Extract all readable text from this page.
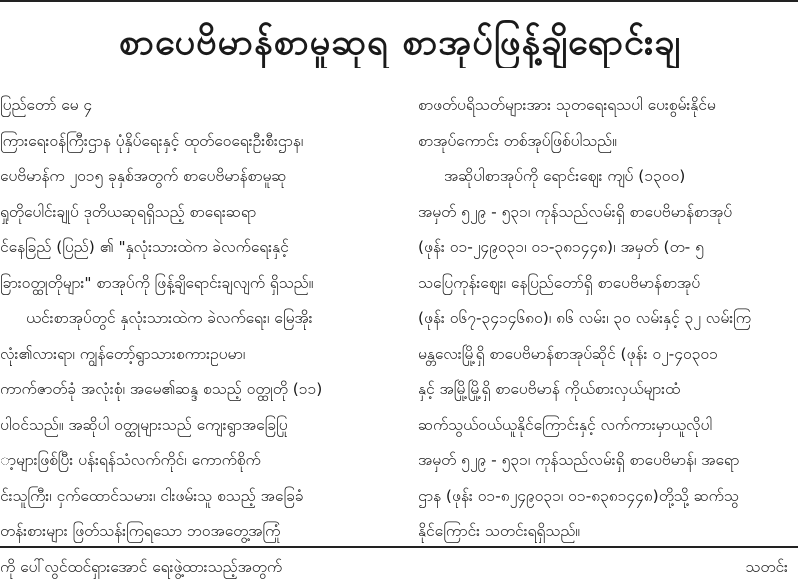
စာပေဗိမာန်စာမူဆုရ စာအုပ်ဖြန့်ချိရောင်းချ
ပြည်တော် မေ ၄
ကြားရေးဝန်ကြီးဌာန ပုံနှိပ်ရေးနှင့် ထုတ်ဝေရေးဦးစီးဌာန၊
ပေဗိမာန်က ၂၀၁၅ ခုနှစ်အတွက် စာပေဗိမာန်စာမူဆု
ရှုတိုပေါင်းချုပ် ဒုတိယဆုရရှိသည့် စာရေးဆရာ
င်နေခြည် (ပြည်) ၏ "နှလုံးသားထဲက ခဲလက်ရေးနှင့်
ခြားဝတ္ထုတိုများ" စာအုပ်ကို ဖြန့်ချိရောင်းချလျက် ရှိသည်။
ယင်းစာအုပ်တွင် နှလုံးသားထဲက ခဲလက်ရေး၊ မြေအိုး
လုံး၏လားရာ၊ ကျွန်တော့်ရွာသားစကားဥပမာ၊
ကာက်ဇာတ်ခုံ အလုံးစုံ၊ အမေ၏ဆန္ဒ စသည့် ဝတ္ထုတို (၁၁)
ပါဝင်သည်။ အဆိုပါ ဝတ္ထုများသည် ကျေးရွာအခြေပြု
ာ့များဖြစ်ပြီး ပန်းရန်သံလက်ကိုင်၊ ကောက်စိုက်
င်းသူကြီး၊ ငှက်ထောင်သမား၊ ငါးဖမ်းသူ စသည့် အခြေခံ
တန်းစားများ ဖြတ်သန်းကြရသော ဘဝအတွေ့အကြုံ
ကို ပေါ်လွင်ထင်ရှားအောင် ရေးဖွဲ့ထားသည့်အတွက်
စာဖတ်ပရိသတ်များအား သုတရေးရသပါ ပေးစွမ်းနိုင်မ
စာအုပ်ကောင်း တစ်အုပ်ဖြစ်ပါသည်။
အဆိုပါစာအုပ်ကို ရောင်းဈေး ကျပ် (၁၃၀၀)
အမှတ် ၅၂၉ - ၅၃၁၊ ကုန်သည်လမ်းရှိ စာပေဗိမာန်စာအုပ်
(ဖုန်း ၀၁-၂၄၉၀၃၁၊ ၀၁-၃၈၁၄၄၈)၊ အမှတ် (တ- ၅
သပြေကုန်းဈေး၊ နေပြည်တော်ရှိ စာပေဗိမာန်စာအုပ်
(ဖုန်း ၀၆၇-၃၄၁၄၆၈၀)၊ ၈၆ လမ်း၊ ၃၀ လမ်းနှင့် ၃၂ လမ်းကြ
မန္တလေးမြို့ရှိ စာပေဗိမာန်စာအုပ်ဆိုင် (ဖုန်း ၀၂-၄၀၃၀၁
နှင့် အမြို့မြို့ရှိ စာပေဗိမာန် ကိုယ်စားလှယ်များထံ
ဆက်သွယ်ဝယ်ယူနိုင်ကြောင်းနှင့် လက်ကားမှာယူလိုပါ
အမှတ် ၅၂၉ - ၅၃၁၊ ကုန်သည်လမ်းရှိ စာပေဗိမာန်၊ အရော
ဌာန (ဖုန်း ၀၁-၈၂၄၉၀၃၁၊ ၀၁-၈၃၈၁၄၄၈)တို့သို့ ဆက်သွ
နိုင်ကြောင်း သတင်းရရှိသည်။
သတင်း
